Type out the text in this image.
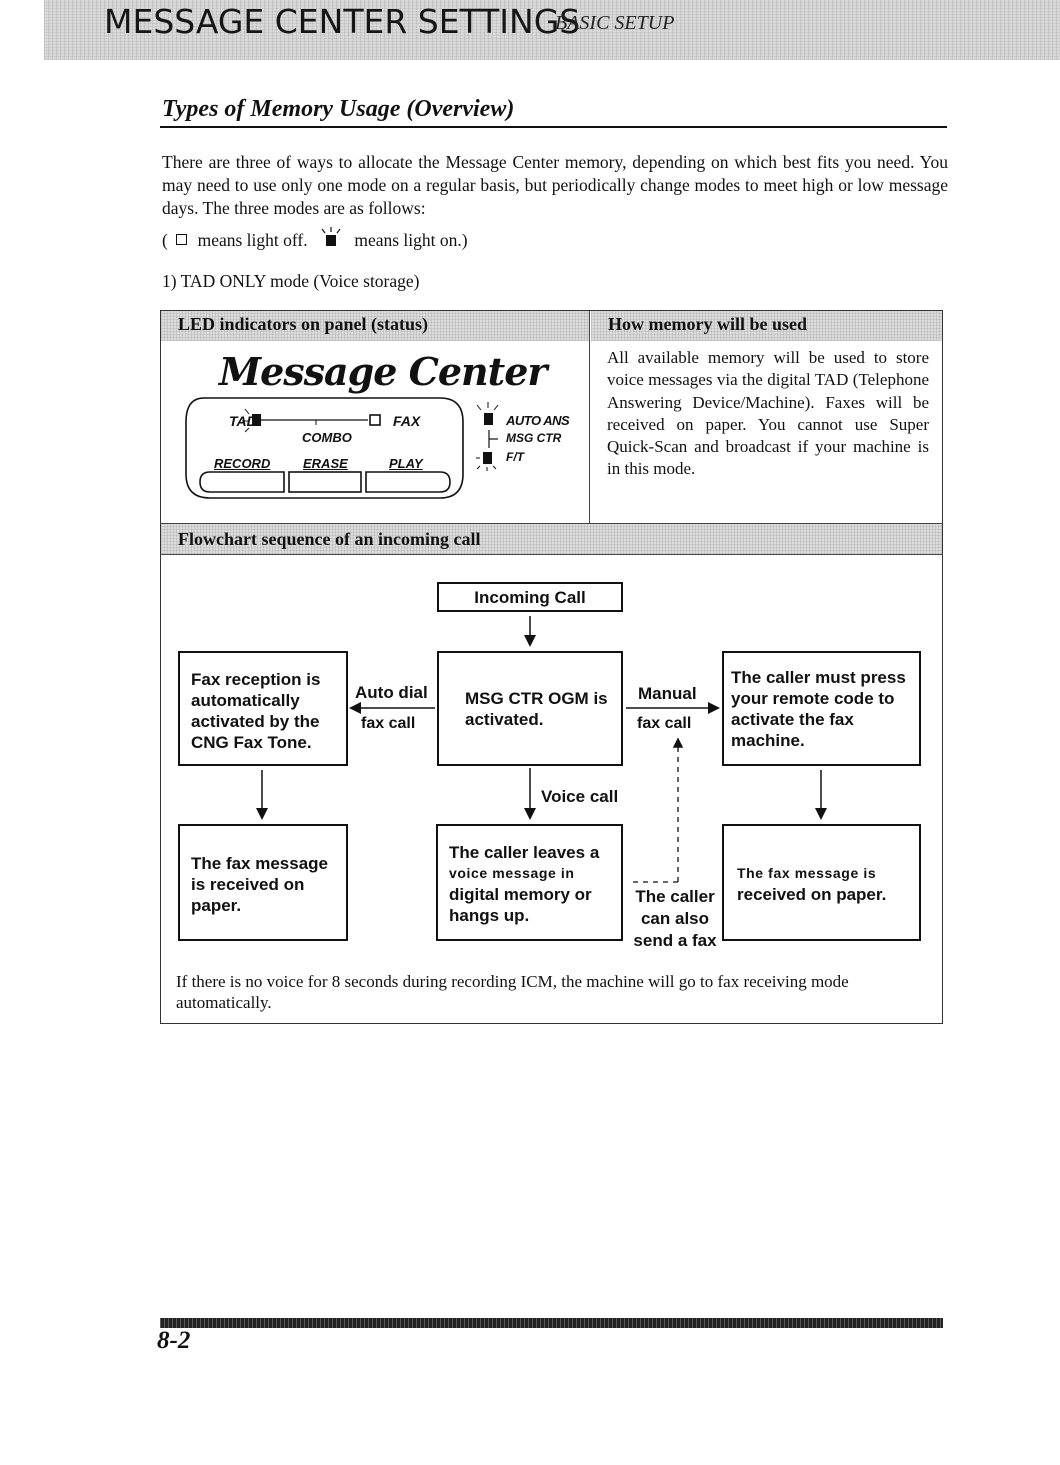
MESSAGE CENTER SETTINGS
BASIC SETUP
Types of Memory Usage (Overview)
There are three of ways to allocate the Message Center memory, depending on which best fits you need. You may need to use only one mode on a regular basis, but periodically change modes to meet high or low message days. The three modes are as follows:
( means light off.	means light on.)
1) TAD ONLY mode (Voice storage)
LED indicators on panel (status)	How memory will be used
Flowchart sequence of an incoming call
All available memory will be used to store voice messages via the digital TAD (Telephone Answering Device/Machine). Faxes will be received on paper. You cannot use Super Quick-Scan and broadcast if your machine is in this mode.
Message Center
TAD	FAX
COMBO
RECORD	ERASE	PLAY
AUTO ANS
MSG CTR
F/T
Incoming Call
Fax reception is automatically activated by the CNG Fax Tone.
MSG CTR OGM is activated.
The caller must press your remote code to activate the fax machine.
The fax message is received on paper.
The caller leaves a
voice message in
digital memory or hangs up.
The fax message is
received on paper.
Auto dial
fax call
Manual
fax call
Voice call
The caller can also send a fax
If there is no voice for 8 seconds during recording ICM, the machine will go to fax receiving mode automatically.
8-2
